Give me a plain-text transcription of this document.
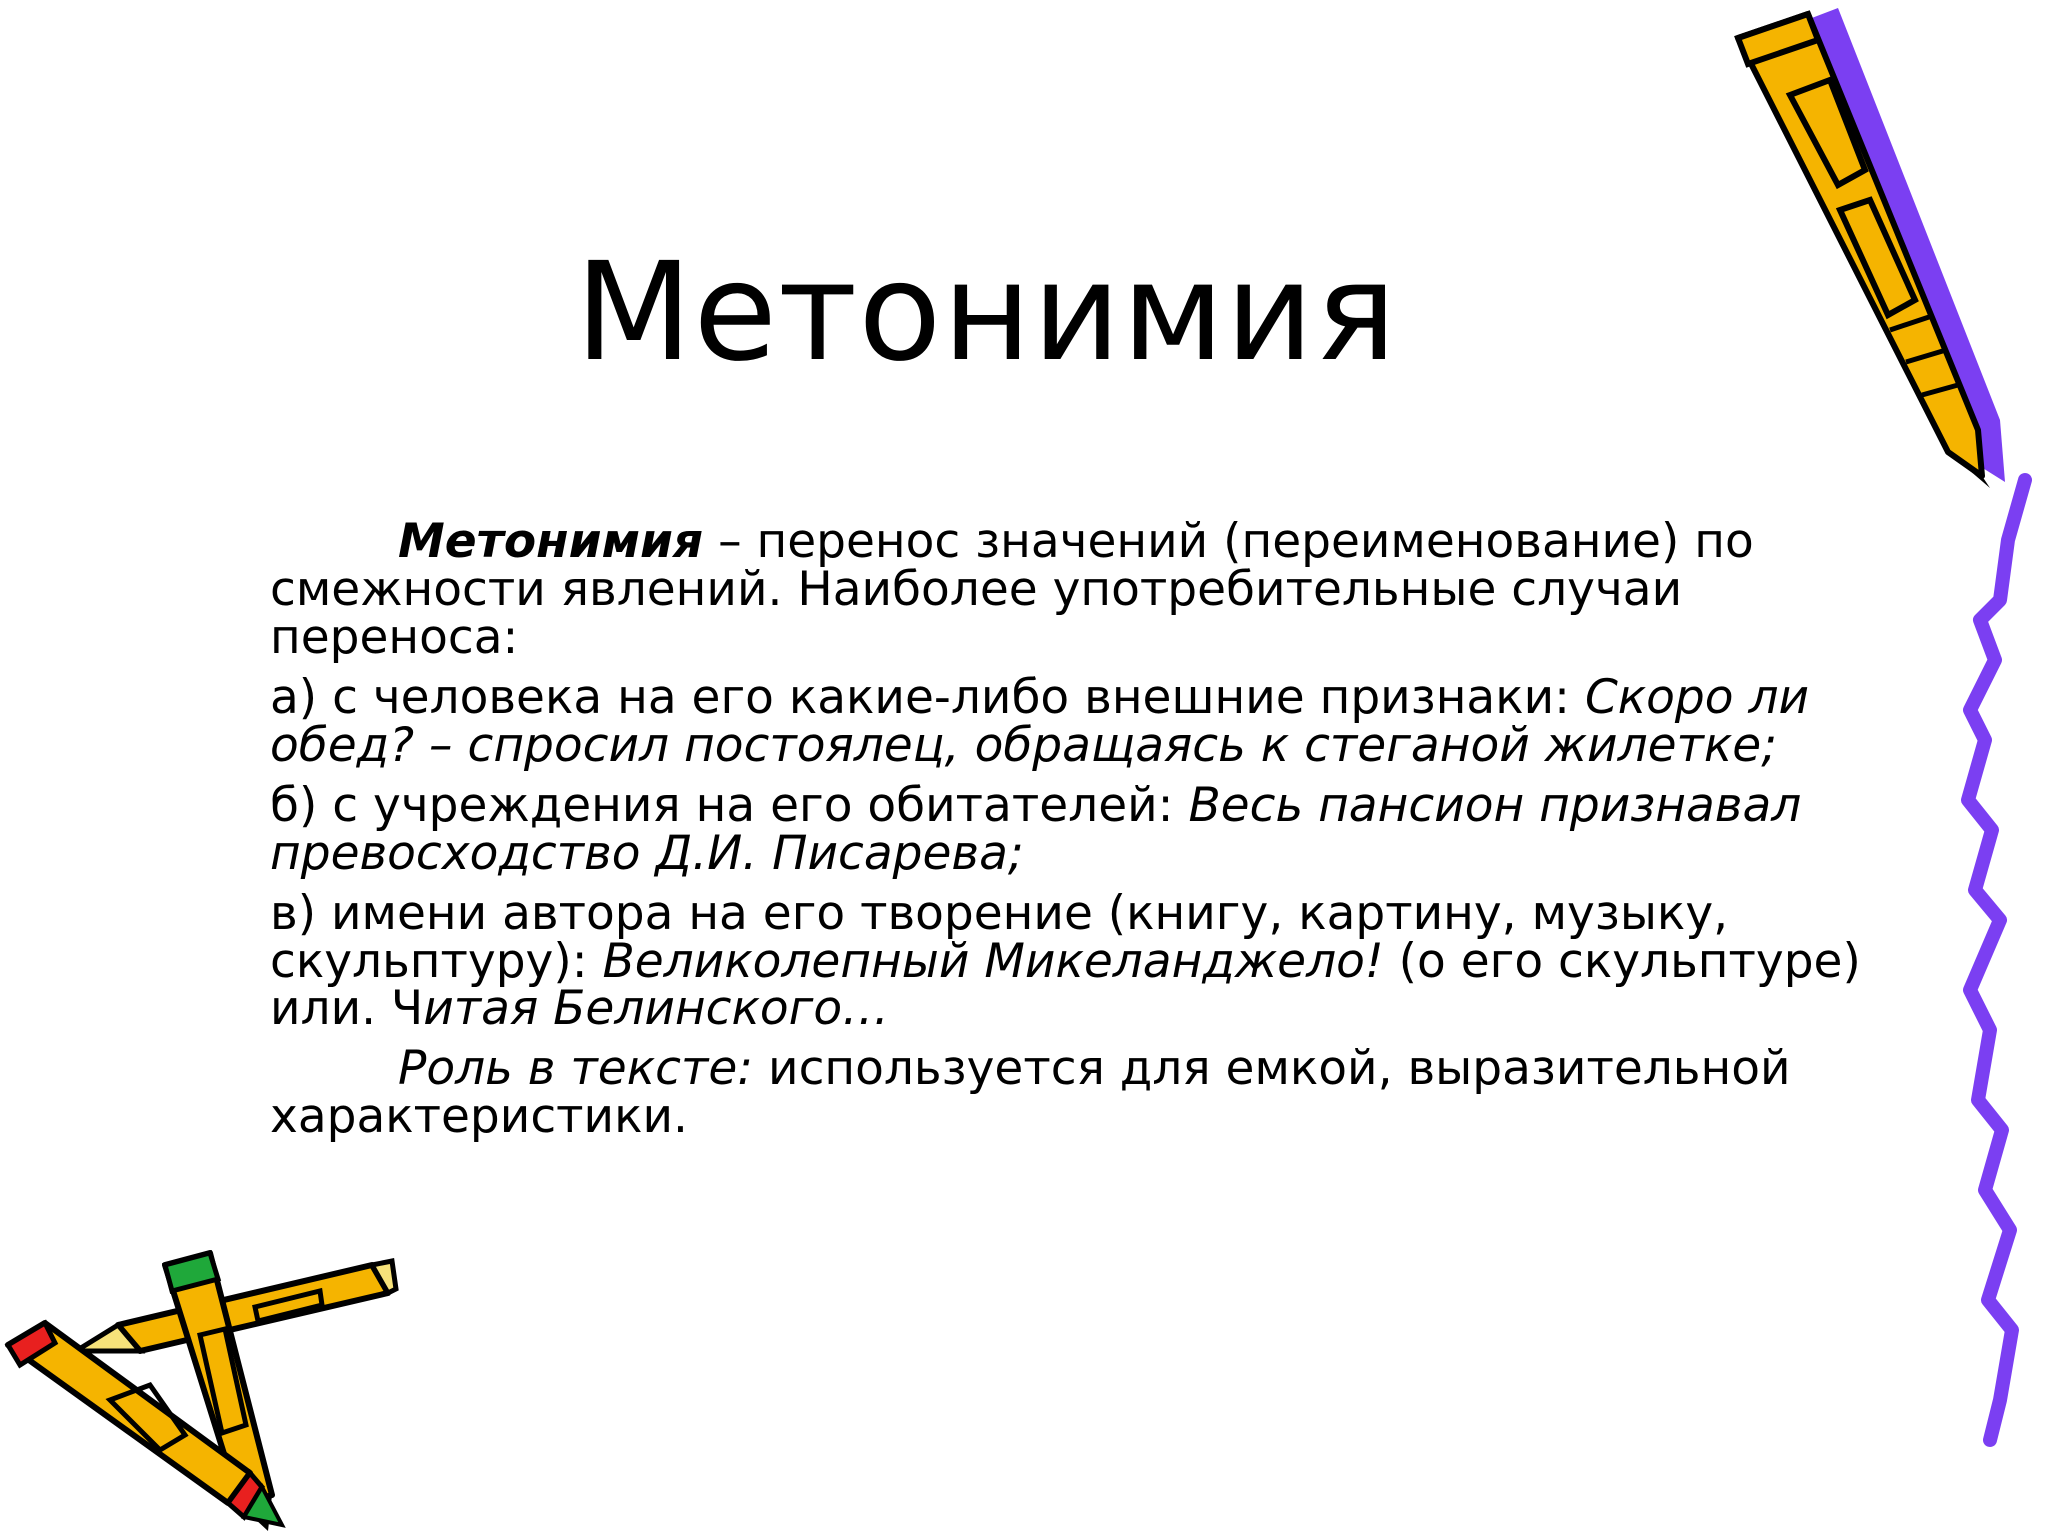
Метонимия

Метонимия – перенос значений (переименование) по смежности явлений. Наиболее употребительные случаи переноса:

а) с человека на его какие-либо внешние признаки: Скоро ли обед? – спросил постоялец, обращаясь к стеганой жилетке;

б) с учреждения на его обитателей: Весь пансион признавал превосходство Д.И. Писарева;

в) имени автора на его творение (книгу, картину, музыку, скульптуру): Великолепный Микеланджело! (о его скульптуре) или. Читая Белинского…

Роль в тексте: используется для емкой, выразительной характеристики.
